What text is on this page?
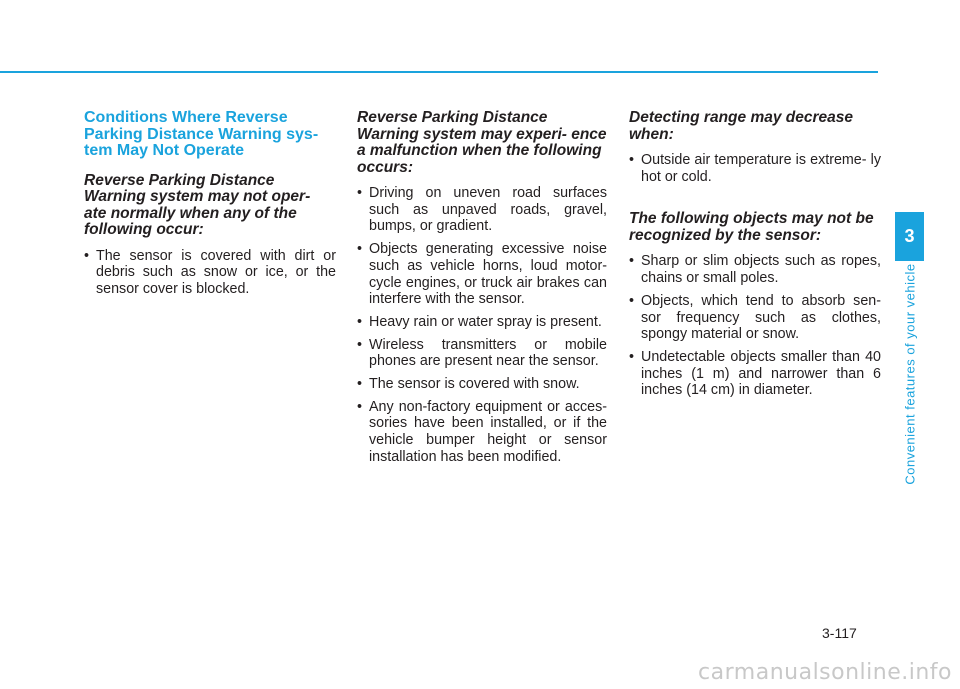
Conditions Where Reverse Parking Distance Warning sys- tem May Not Operate
Reverse Parking Distance Warning system may not oper- ate normally when any of the following occur:
• The sensor is covered with dirt or debris such as snow or ice, or the sensor cover is blocked.
Reverse Parking Distance Warning system may experi- ence a malfunction when the following occurs:
• Driving on uneven road surfaces such as unpaved roads, gravel, bumps, or gradient.
• Objects generating excessive noise such as vehicle horns, loud motor- cycle engines, or truck air brakes can interfere with the sensor.
• Heavy rain or water spray is present.
• Wireless transmitters or mobile phones are present near the sensor.
• The sensor is covered with snow.
• Any non-factory equipment or acces- sories have been installed, or if the vehicle bumper height or sensor installation has been modified.
Detecting range may decrease when:
• Outside air temperature is extreme- ly hot or cold.
The following objects may not be recognized by the sensor:
• Sharp or slim objects such as ropes, chains or small poles.
• Objects, which tend to absorb sen- sor frequency such as clothes, spongy material or snow.
• Undetectable objects smaller than 40 inches (1 m) and narrower than 6 inches (14 cm) in diameter.
3
Convenient features of your vehicle
3-117
carmanualsonline.info
